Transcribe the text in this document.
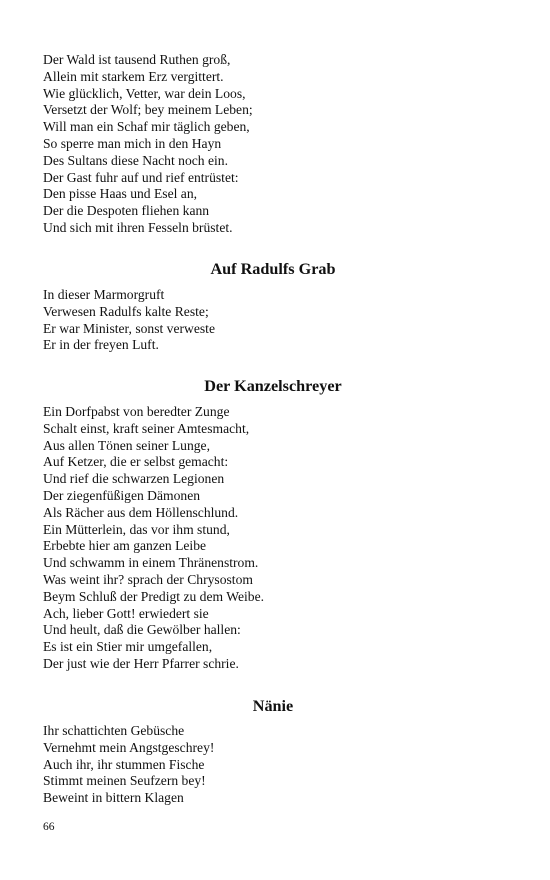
Der Wald ist tausend Ruthen groß,
Allein mit starkem Erz vergittert.
Wie glücklich, Vetter, war dein Loos,
Versetzt der Wolf; bey meinem Leben;
Will man ein Schaf mir täglich geben,
So sperre man mich in den Hayn
Des Sultans diese Nacht noch ein.
Der Gast fuhr auf und rief entrüstet:
Den pisse Haas und Esel an,
Der die Despoten fliehen kann
Und sich mit ihren Fesseln brüstet.
Auf Radulfs Grab
In dieser Marmorgruft
Verwesen Radulfs kalte Reste;
Er war Minister, sonst verweste
Er in der freyen Luft.
Der Kanzelschreyer
Ein Dorfpabst von beredter Zunge
Schalt einst, kraft seiner Amtesmacht,
Aus allen Tönen seiner Lunge,
Auf Ketzer, die er selbst gemacht:
Und rief die schwarzen Legionen
Der ziegenfüßigen Dämonen
Als Rächer aus dem Höllenschlund.
Ein Mütterlein, das vor ihm stund,
Erbebte hier am ganzen Leibe
Und schwamm in einem Thränenstrom.
Was weint ihr? sprach der Chrysostom
Beym Schluß der Predigt zu dem Weibe.
Ach, lieber Gott! erwiedert sie
Und heult, daß die Gewölber hallen:
Es ist ein Stier mir umgefallen,
Der just wie der Herr Pfarrer schrie.
Nänie
Ihr schattichten Gebüsche
Vernehmt mein Angstgeschrey!
Auch ihr, ihr stummen Fische
Stimmt meinen Seufzern bey!
Beweint in bittern Klagen
66
